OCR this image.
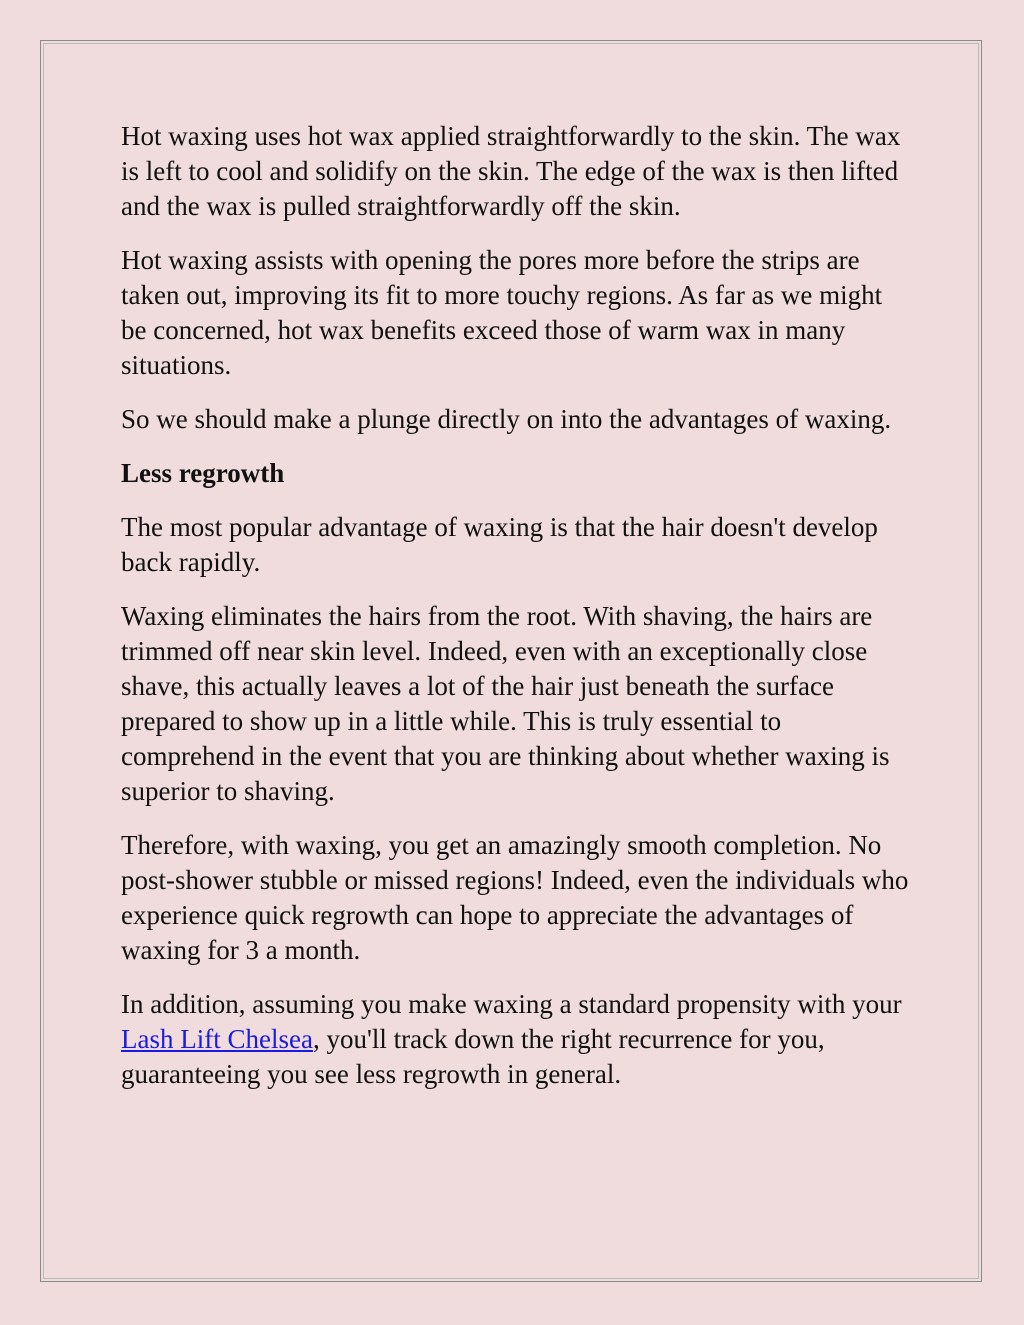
Hot waxing uses hot wax applied straightforwardly to the skin. The wax is left to cool and solidify on the skin. The edge of the wax is then lifted and the wax is pulled straightforwardly off the skin.

Hot waxing assists with opening the pores more before the strips are taken out, improving its fit to more touchy regions. As far as we might be concerned, hot wax benefits exceed those of warm wax in many situations.

So we should make a plunge directly on into the advantages of waxing.

Less regrowth

The most popular advantage of waxing is that the hair doesn't develop back rapidly.

Waxing eliminates the hairs from the root. With shaving, the hairs are trimmed off near skin level. Indeed, even with an exceptionally close shave, this actually leaves a lot of the hair just beneath the surface prepared to show up in a little while. This is truly essential to comprehend in the event that you are thinking about whether waxing is superior to shaving.

Therefore, with waxing, you get an amazingly smooth completion. No post-shower stubble or missed regions! Indeed, even the individuals who experience quick regrowth can hope to appreciate the advantages of waxing for 3 a month.

In addition, assuming you make waxing a standard propensity with your Lash Lift Chelsea, you'll track down the right recurrence for you, guaranteeing you see less regrowth in general.
